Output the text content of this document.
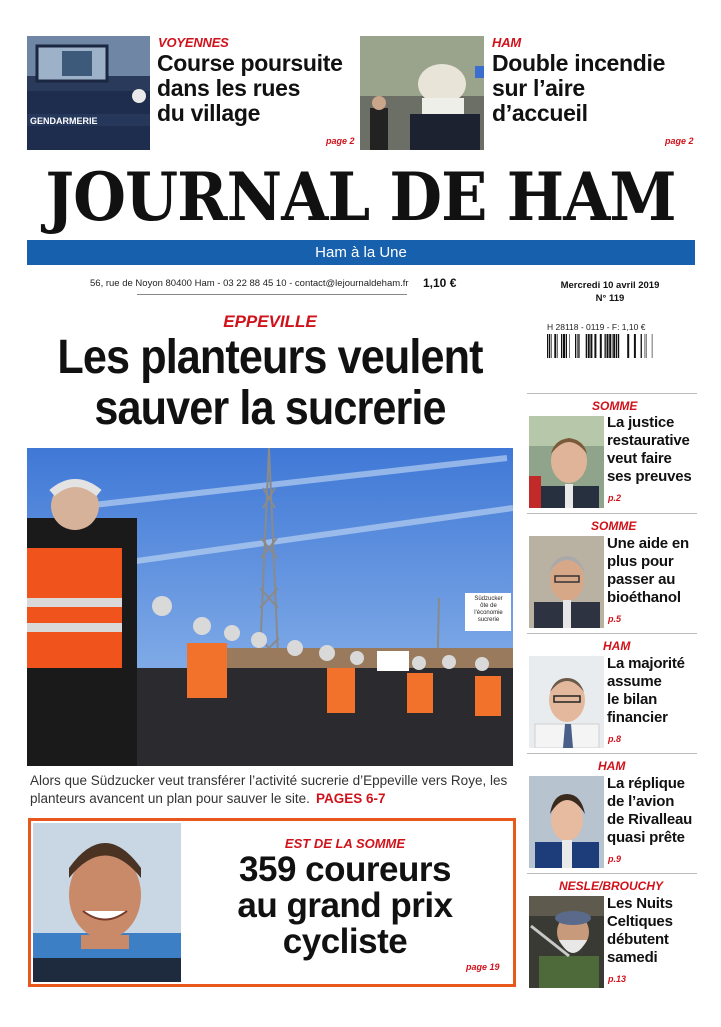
GENDARMERIE
VOYENNES
Course poursuite
dans les rues
du village
page 2
HAM
Double incendie
sur l’aire
d’accueil
page 2
JOURNAL DE HAM
Ham à la Une
56, rue de Noyon 80400 Ham - 03 22 88 45 10 - contact@lejournaldeham.fr 1,10 €	Mercredi 10 avril 2019
N° 119
H 28118 - 0119 - F: 1,10 €
EPPEVILLE
Les planteurs veulent
sauver la sucrerie
Südzucker
ôte de
l'économie
sucrerie
Alors que Südzucker veut transférer l’activité sucrerie d’Eppeville vers Roye, les planteurs avancent un plan pour sauver le site. PAGES 6-7
EST DE LA SOMME
359 coureurs
au grand prix
cycliste
page 19
SOMME
La justice
restaurative
veut faire
ses preuves
p.2
SOMME
Une aide en
plus pour
passer au
bioéthanol
p.5
HAM
La majorité
assume
le bilan
financier
p.8
HAM
La réplique
de l’avion
de Rivalleau
quasi prête
p.9
NESLE/BROUCHY
Les Nuits
Celtiques
débutent
samedi
p.13
